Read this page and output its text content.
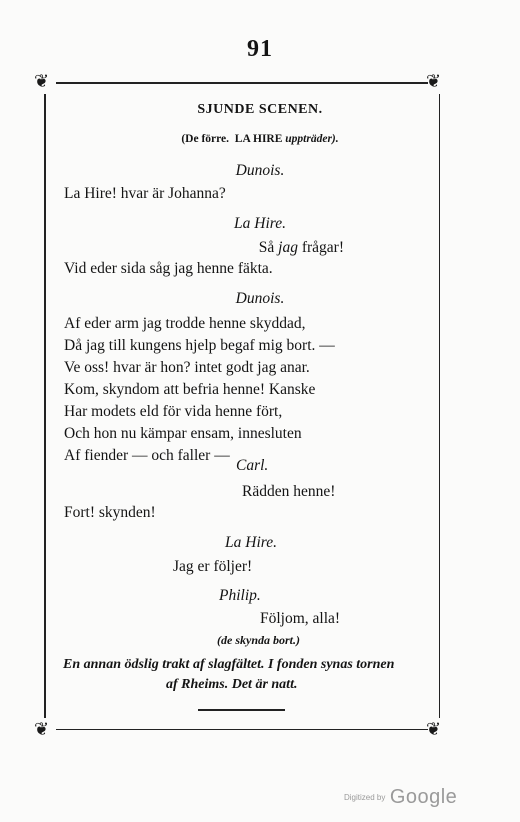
91
❦	❦
❦	❦
SJUNDE SCENEN.
(De förre. LA HIRE uppträder).
Dunois.
La Hire! hvar är Johanna?
La Hire.
Så jag frågar!
Vid eder sida såg jag henne fäkta.
Dunois.
Af eder arm jag trodde henne skyddad,
Då jag till kungens hjelp begaf mig bort. —
Ve oss! hvar är hon? intet godt jag anar.
Kom, skyndom att befria henne! Kanske
Har modets eld för vida henne fört,
Och hon nu kämpar ensam, innesluten
Af fiender — och faller —
Carl.
Rädden henne!
Fort! skynden!
La Hire.
Jag er följer!
Philip.
Följom, alla!
(de skynda bort.)
En annan ödslig trakt af slagfältet. I fonden synas tornen
af Rheims. Det är natt.
Digitized by Google
